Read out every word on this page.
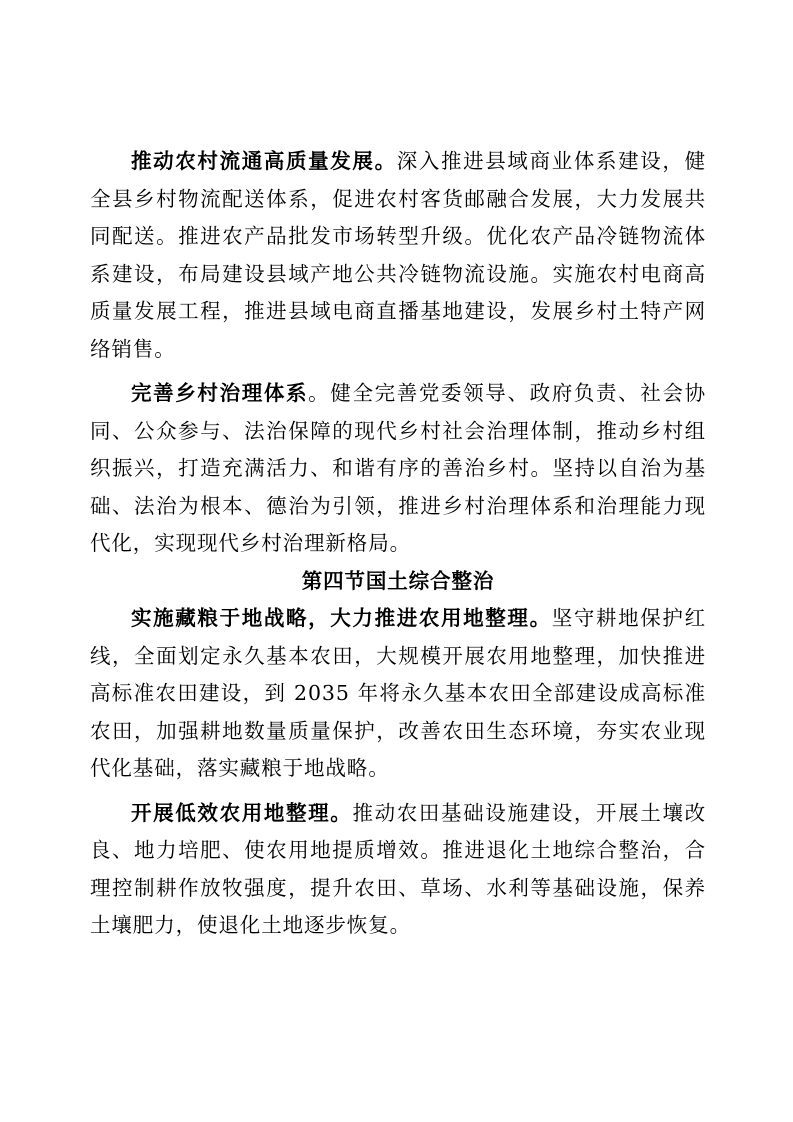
推动农村流通高质量发展。深入推进县域商业体系建设，健全县乡村物流配送体系，促进农村客货邮融合发展，大力发展共同配送。推进农产品批发市场转型升级。优化农产品冷链物流体系建设，布局建设县域产地公共冷链物流设施。实施农村电商高质量发展工程，推进县域电商直播基地建设，发展乡村土特产网络销售。

完善乡村治理体系。健全完善党委领导、政府负责、社会协同、公众参与、法治保障的现代乡村社会治理体制，推动乡村组织振兴，打造充满活力、和谐有序的善治乡村。坚持以自治为基础、法治为根本、德治为引领，推进乡村治理体系和治理能力现代化，实现现代乡村治理新格局。

第四节国土综合整治

实施藏粮于地战略，大力推进农用地整理。坚守耕地保护红线，全面划定永久基本农田，大规模开展农用地整理，加快推进高标准农田建设，到 2035 年将永久基本农田全部建设成高标准农田，加强耕地数量质量保护，改善农田生态环境，夯实农业现代化基础，落实藏粮于地战略。

开展低效农用地整理。推动农田基础设施建设，开展土壤改良、地力培肥、使农用地提质增效。推进退化土地综合整治，合理控制耕作放牧强度，提升农田、草场、水利等基础设施，保养土壤肥力，使退化土地逐步恢复。
